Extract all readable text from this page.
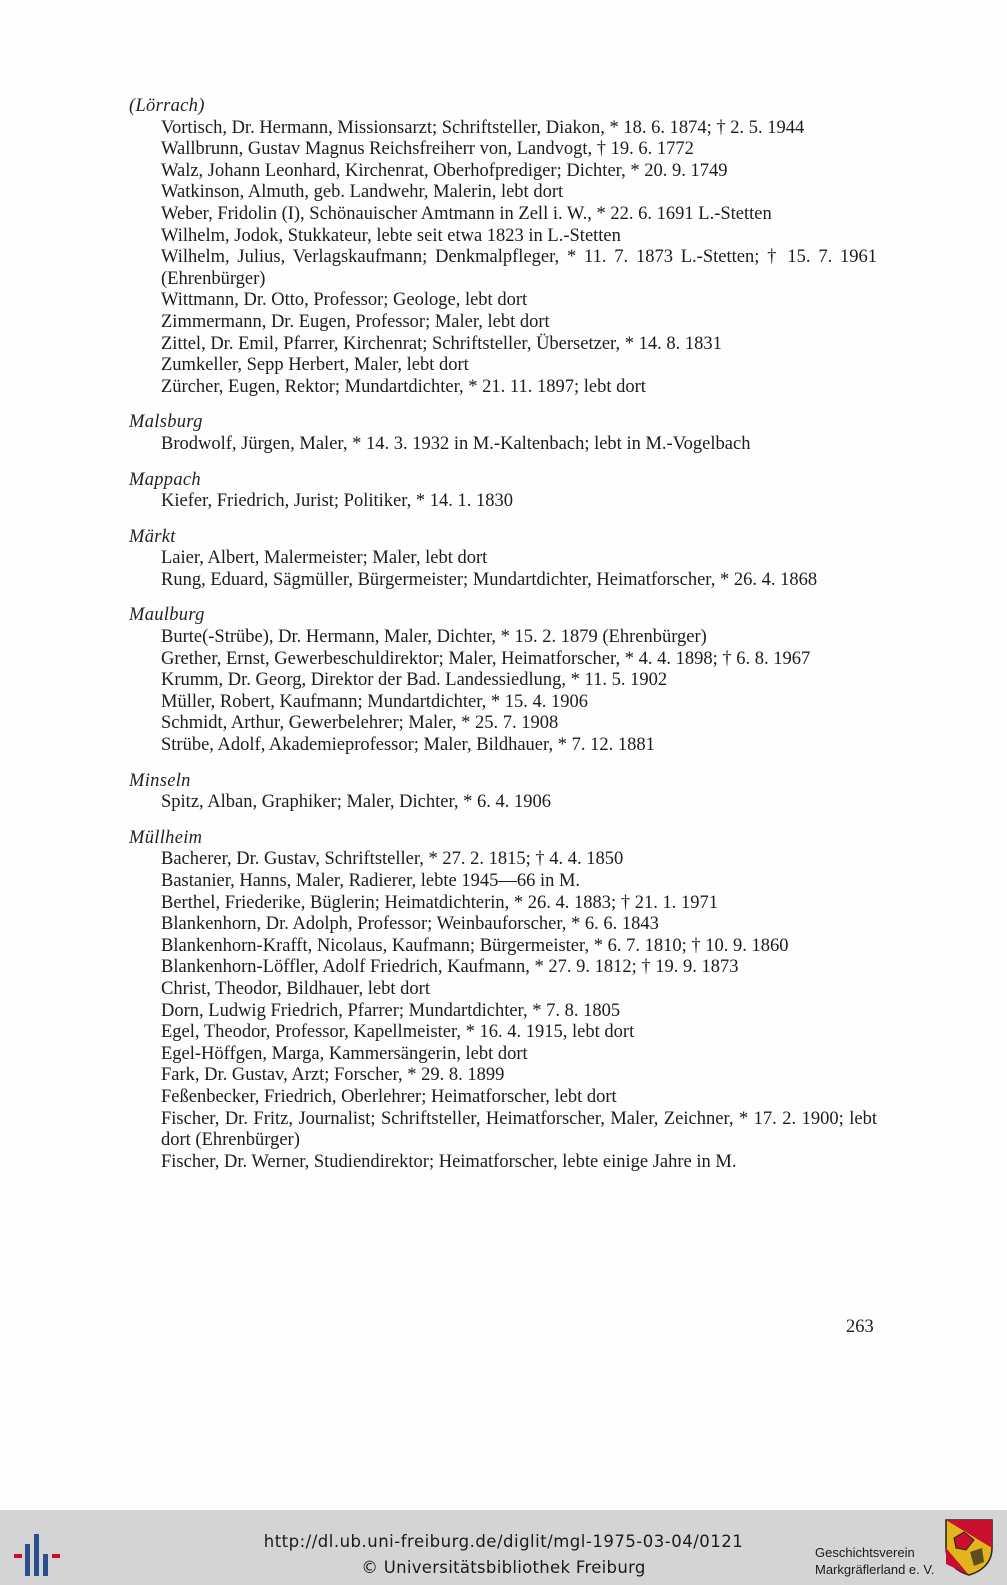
(Lörrach)
Vortisch, Dr. Hermann, Missionsarzt; Schriftsteller, Diakon, * 18. 6. 1874; † 2. 5. 1944
Wallbrunn, Gustav Magnus Reichsfreiherr von, Landvogt, † 19. 6. 1772
Walz, Johann Leonhard, Kirchenrat, Oberhofprediger; Dichter, * 20. 9. 1749
Watkinson, Almuth, geb. Landwehr, Malerin, lebt dort
Weber, Fridolin (I), Schönauischer Amtmann in Zell i. W., * 22. 6. 1691 L.-Stetten
Wilhelm, Jodok, Stukkateur, lebte seit etwa 1823 in L.-Stetten
Wilhelm, Julius, Verlagskaufmann; Denkmalpfleger, * 11. 7. 1873 L.-Stetten; † 15. 7. 1961 (Ehrenbürger)
Wittmann, Dr. Otto, Professor; Geologe, lebt dort
Zimmermann, Dr. Eugen, Professor; Maler, lebt dort
Zittel, Dr. Emil, Pfarrer, Kirchenrat; Schriftsteller, Übersetzer, * 14. 8. 1831
Zumkeller, Sepp Herbert, Maler, lebt dort
Zürcher, Eugen, Rektor; Mundartdichter, * 21. 11. 1897; lebt dort
Malsburg
Brodwolf, Jürgen, Maler, * 14. 3. 1932 in M.-Kaltenbach; lebt in M.-Vogelbach
Mappach
Kiefer, Friedrich, Jurist; Politiker, * 14. 1. 1830
Märkt
Laier, Albert, Malermeister; Maler, lebt dort
Rung, Eduard, Sägmüller, Bürgermeister; Mundartdichter, Heimatforscher, * 26. 4. 1868
Maulburg
Burte(-Strübe), Dr. Hermann, Maler, Dichter, * 15. 2. 1879 (Ehrenbürger)
Grether, Ernst, Gewerbeschuldirektor; Maler, Heimatforscher, * 4. 4. 1898; † 6. 8. 1967
Krumm, Dr. Georg, Direktor der Bad. Landessiedlung, * 11. 5. 1902
Müller, Robert, Kaufmann; Mundartdichter, * 15. 4. 1906
Schmidt, Arthur, Gewerbelehrer; Maler, * 25. 7. 1908
Strübe, Adolf, Akademieprofessor; Maler, Bildhauer, * 7. 12. 1881
Minseln
Spitz, Alban, Graphiker; Maler, Dichter, * 6. 4. 1906
Müllheim
Bacherer, Dr. Gustav, Schriftsteller, * 27. 2. 1815; † 4. 4. 1850
Bastanier, Hanns, Maler, Radierer, lebte 1945—66 in M.
Berthel, Friederike, Büglerin; Heimatdichterin, * 26. 4. 1883; † 21. 1. 1971
Blankenhorn, Dr. Adolph, Professor; Weinbauforscher, * 6. 6. 1843
Blankenhorn-Krafft, Nicolaus, Kaufmann; Bürgermeister, * 6. 7. 1810; † 10. 9. 1860
Blankenhorn-Löffler, Adolf Friedrich, Kaufmann, * 27. 9. 1812; † 19. 9. 1873
Christ, Theodor, Bildhauer, lebt dort
Dorn, Ludwig Friedrich, Pfarrer; Mundartdichter, * 7. 8. 1805
Egel, Theodor, Professor, Kapellmeister, * 16. 4. 1915, lebt dort
Egel-Höffgen, Marga, Kammersängerin, lebt dort
Fark, Dr. Gustav, Arzt; Forscher, * 29. 8. 1899
Feßenbecker, Friedrich, Oberlehrer; Heimatforscher, lebt dort
Fischer, Dr. Fritz, Journalist; Schriftsteller, Heimatforscher, Maler, Zeichner, * 17. 2. 1900; lebt dort (Ehrenbürger)
Fischer, Dr. Werner, Studiendirektor; Heimatforscher, lebte einige Jahre in M.
263
http://dl.ub.uni-freiburg.de/diglit/mgl-1975-03-04/0121
© Universitätsbibliothek Freiburg
Geschichtsverein
Markgräflerland e. V.
